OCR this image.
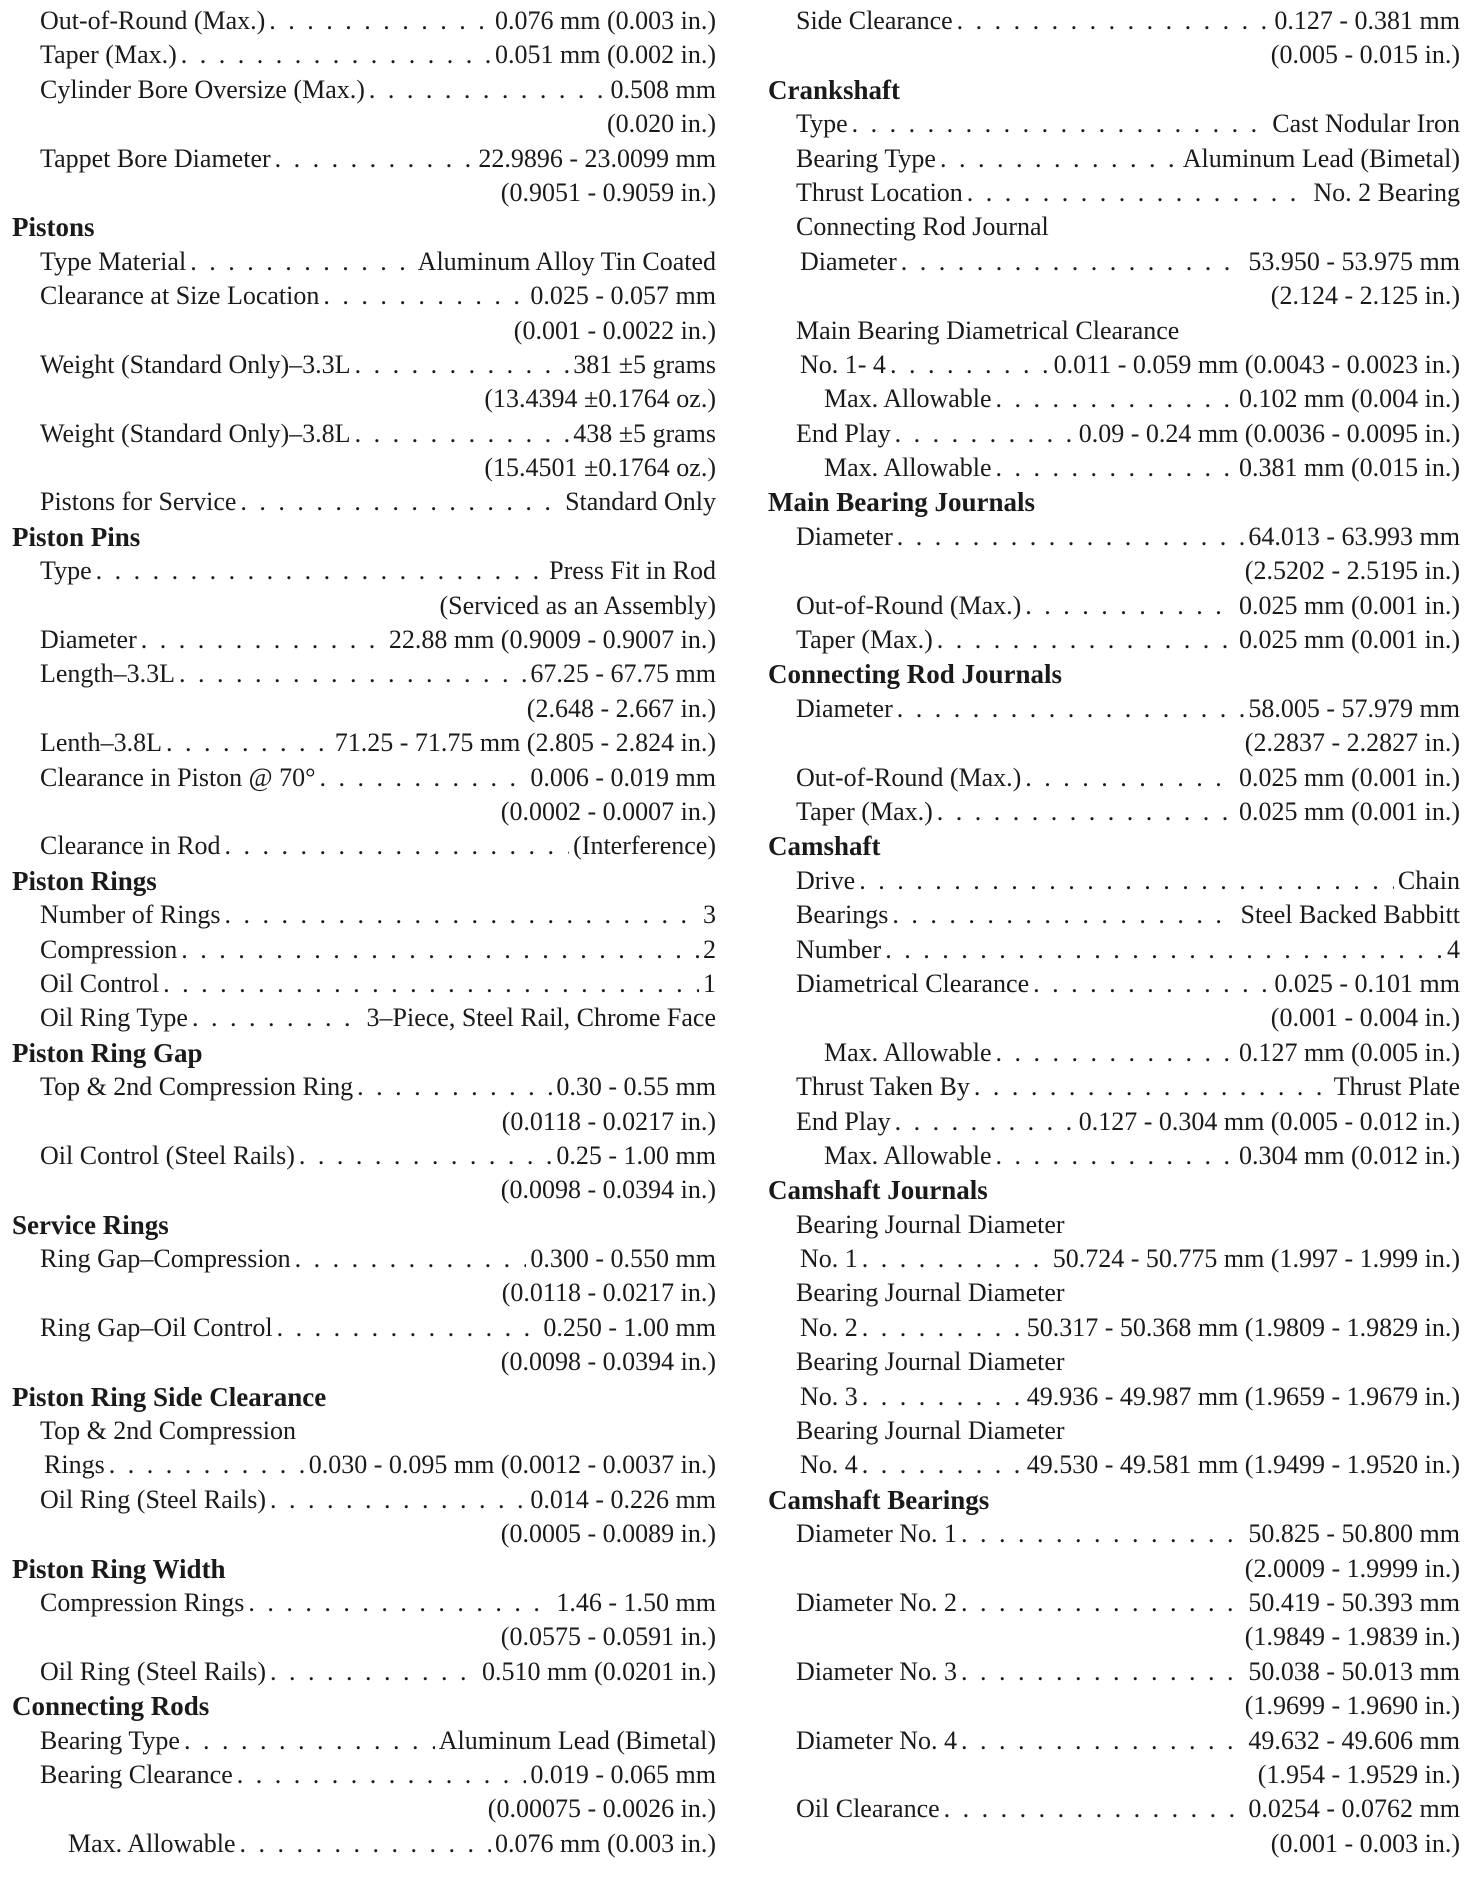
Out-of-Round (Max.) . . .	0.076 mm (0.003 in.)
Taper (Max.) . . .	0.051 mm (0.002 in.)
Cylinder Bore Oversize (Max.) . . .	0.508 mm
(0.020 in.)
Tappet Bore Diameter . . .	22.9896 - 23.0099 mm
(0.9051 - 0.9059 in.)
Pistons
Type Material . . .	Aluminum Alloy Tin Coated
Clearance at Size Location . . .	0.025 - 0.057 mm
(0.001 - 0.0022 in.)
Weight (Standard Only)–3.3L . . .	381 ±5 grams
(13.4394 ±0.1764 oz.)
Weight (Standard Only)–3.8L . . .	438 ±5 grams
(15.4501 ±0.1764 oz.)
Pistons for Service . . .	Standard Only
Piston Pins
Type . . .	Press Fit in Rod
(Serviced as an Assembly)
Diameter . . .	22.88 mm (0.9009 - 0.9007 in.)
Length–3.3L . . .	67.25 - 67.75 mm
(2.648 - 2.667 in.)
Lenth–3.8L . . .	71.25 - 71.75 mm (2.805 - 2.824 in.)
Clearance in Piston @ 70° . . .	0.006 - 0.019 mm
(0.0002 - 0.0007 in.)
Clearance in Rod . . .	(Interference)
Piston Rings
Number of Rings . . .	3
Compression . . .	2
Oil Control . . .	1
Oil Ring Type . . .	3–Piece, Steel Rail, Chrome Face
Piston Ring Gap
Top & 2nd Compression Ring . . .	0.30 - 0.55 mm
(0.0118 - 0.0217 in.)
Oil Control (Steel Rails) . . .	0.25 - 1.00 mm
(0.0098 - 0.0394 in.)
Service Rings
Ring Gap–Compression . . .	0.300 - 0.550 mm
(0.0118 - 0.0217 in.)
Ring Gap–Oil Control . . .	0.250 - 1.00 mm
(0.0098 - 0.0394 in.)
Piston Ring Side Clearance
Top & 2nd Compression
Rings . . .	0.030 - 0.095 mm (0.0012 - 0.0037 in.)
Oil Ring (Steel Rails) . . .	0.014 - 0.226 mm
(0.0005 - 0.0089 in.)
Piston Ring Width
Compression Rings . . .	1.46 - 1.50 mm
(0.0575 - 0.0591 in.)
Oil Ring (Steel Rails) . . .	0.510 mm (0.0201 in.)
Connecting Rods
Bearing Type . . .	Aluminum Lead (Bimetal)
Bearing Clearance . . .	0.019 - 0.065 mm
(0.00075 - 0.0026 in.)
Max. Allowable . . .	0.076 mm (0.003 in.)
Side Clearance . . .	0.127 - 0.381 mm
(0.005 - 0.015 in.)
Crankshaft
Type . . .	Cast Nodular Iron
Bearing Type . . .	Aluminum Lead (Bimetal)
Thrust Location . . .	No. 2 Bearing
Connecting Rod Journal
Diameter . . .	53.950 - 53.975 mm
(2.124 - 2.125 in.)
Main Bearing Diametrical Clearance
No. 1- 4 . . .	0.011 - 0.059 mm (0.0043 - 0.0023 in.)
Max. Allowable . . .	0.102 mm (0.004 in.)
End Play . . .	0.09 - 0.24 mm (0.0036 - 0.0095 in.)
Max. Allowable . . .	0.381 mm (0.015 in.)
Main Bearing Journals
Diameter . . .	64.013 - 63.993 mm
(2.5202 - 2.5195 in.)
Out-of-Round (Max.) . . .	0.025 mm (0.001 in.)
Taper (Max.) . . .	0.025 mm (0.001 in.)
Connecting Rod Journals
Diameter . . .	58.005 - 57.979 mm
(2.2837 - 2.2827 in.)
Out-of-Round (Max.) . . .	0.025 mm (0.001 in.)
Taper (Max.) . . .	0.025 mm (0.001 in.)
Camshaft
Drive . . .	Chain
Bearings . . .	Steel Backed Babbitt
Number . . .	4
Diametrical Clearance . . .	0.025 - 0.101 mm
(0.001 - 0.004 in.)
Max. Allowable . . .	0.127 mm (0.005 in.)
Thrust Taken By . . .	Thrust Plate
End Play . . .	0.127 - 0.304 mm (0.005 - 0.012 in.)
Max. Allowable . . .	0.304 mm (0.012 in.)
Camshaft Journals
Bearing Journal Diameter
No. 1 . . .	50.724 - 50.775 mm (1.997 - 1.999 in.)
Bearing Journal Diameter
No. 2 . . .	50.317 - 50.368 mm (1.9809 - 1.9829 in.)
Bearing Journal Diameter
No. 3 . . .	49.936 - 49.987 mm (1.9659 - 1.9679 in.)
Bearing Journal Diameter
No. 4 . . .	49.530 - 49.581 mm (1.9499 - 1.9520 in.)
Camshaft Bearings
Diameter No. 1 . . .	50.825 - 50.800 mm
(2.0009 - 1.9999 in.)
Diameter No. 2 . . .	50.419 - 50.393 mm
(1.9849 - 1.9839 in.)
Diameter No. 3 . . .	50.038 - 50.013 mm
(1.9699 - 1.9690 in.)
Diameter No. 4 . . .	49.632 - 49.606 mm
(1.954 - 1.9529 in.)
Oil Clearance . . .	0.0254 - 0.0762 mm
(0.001 - 0.003 in.)
